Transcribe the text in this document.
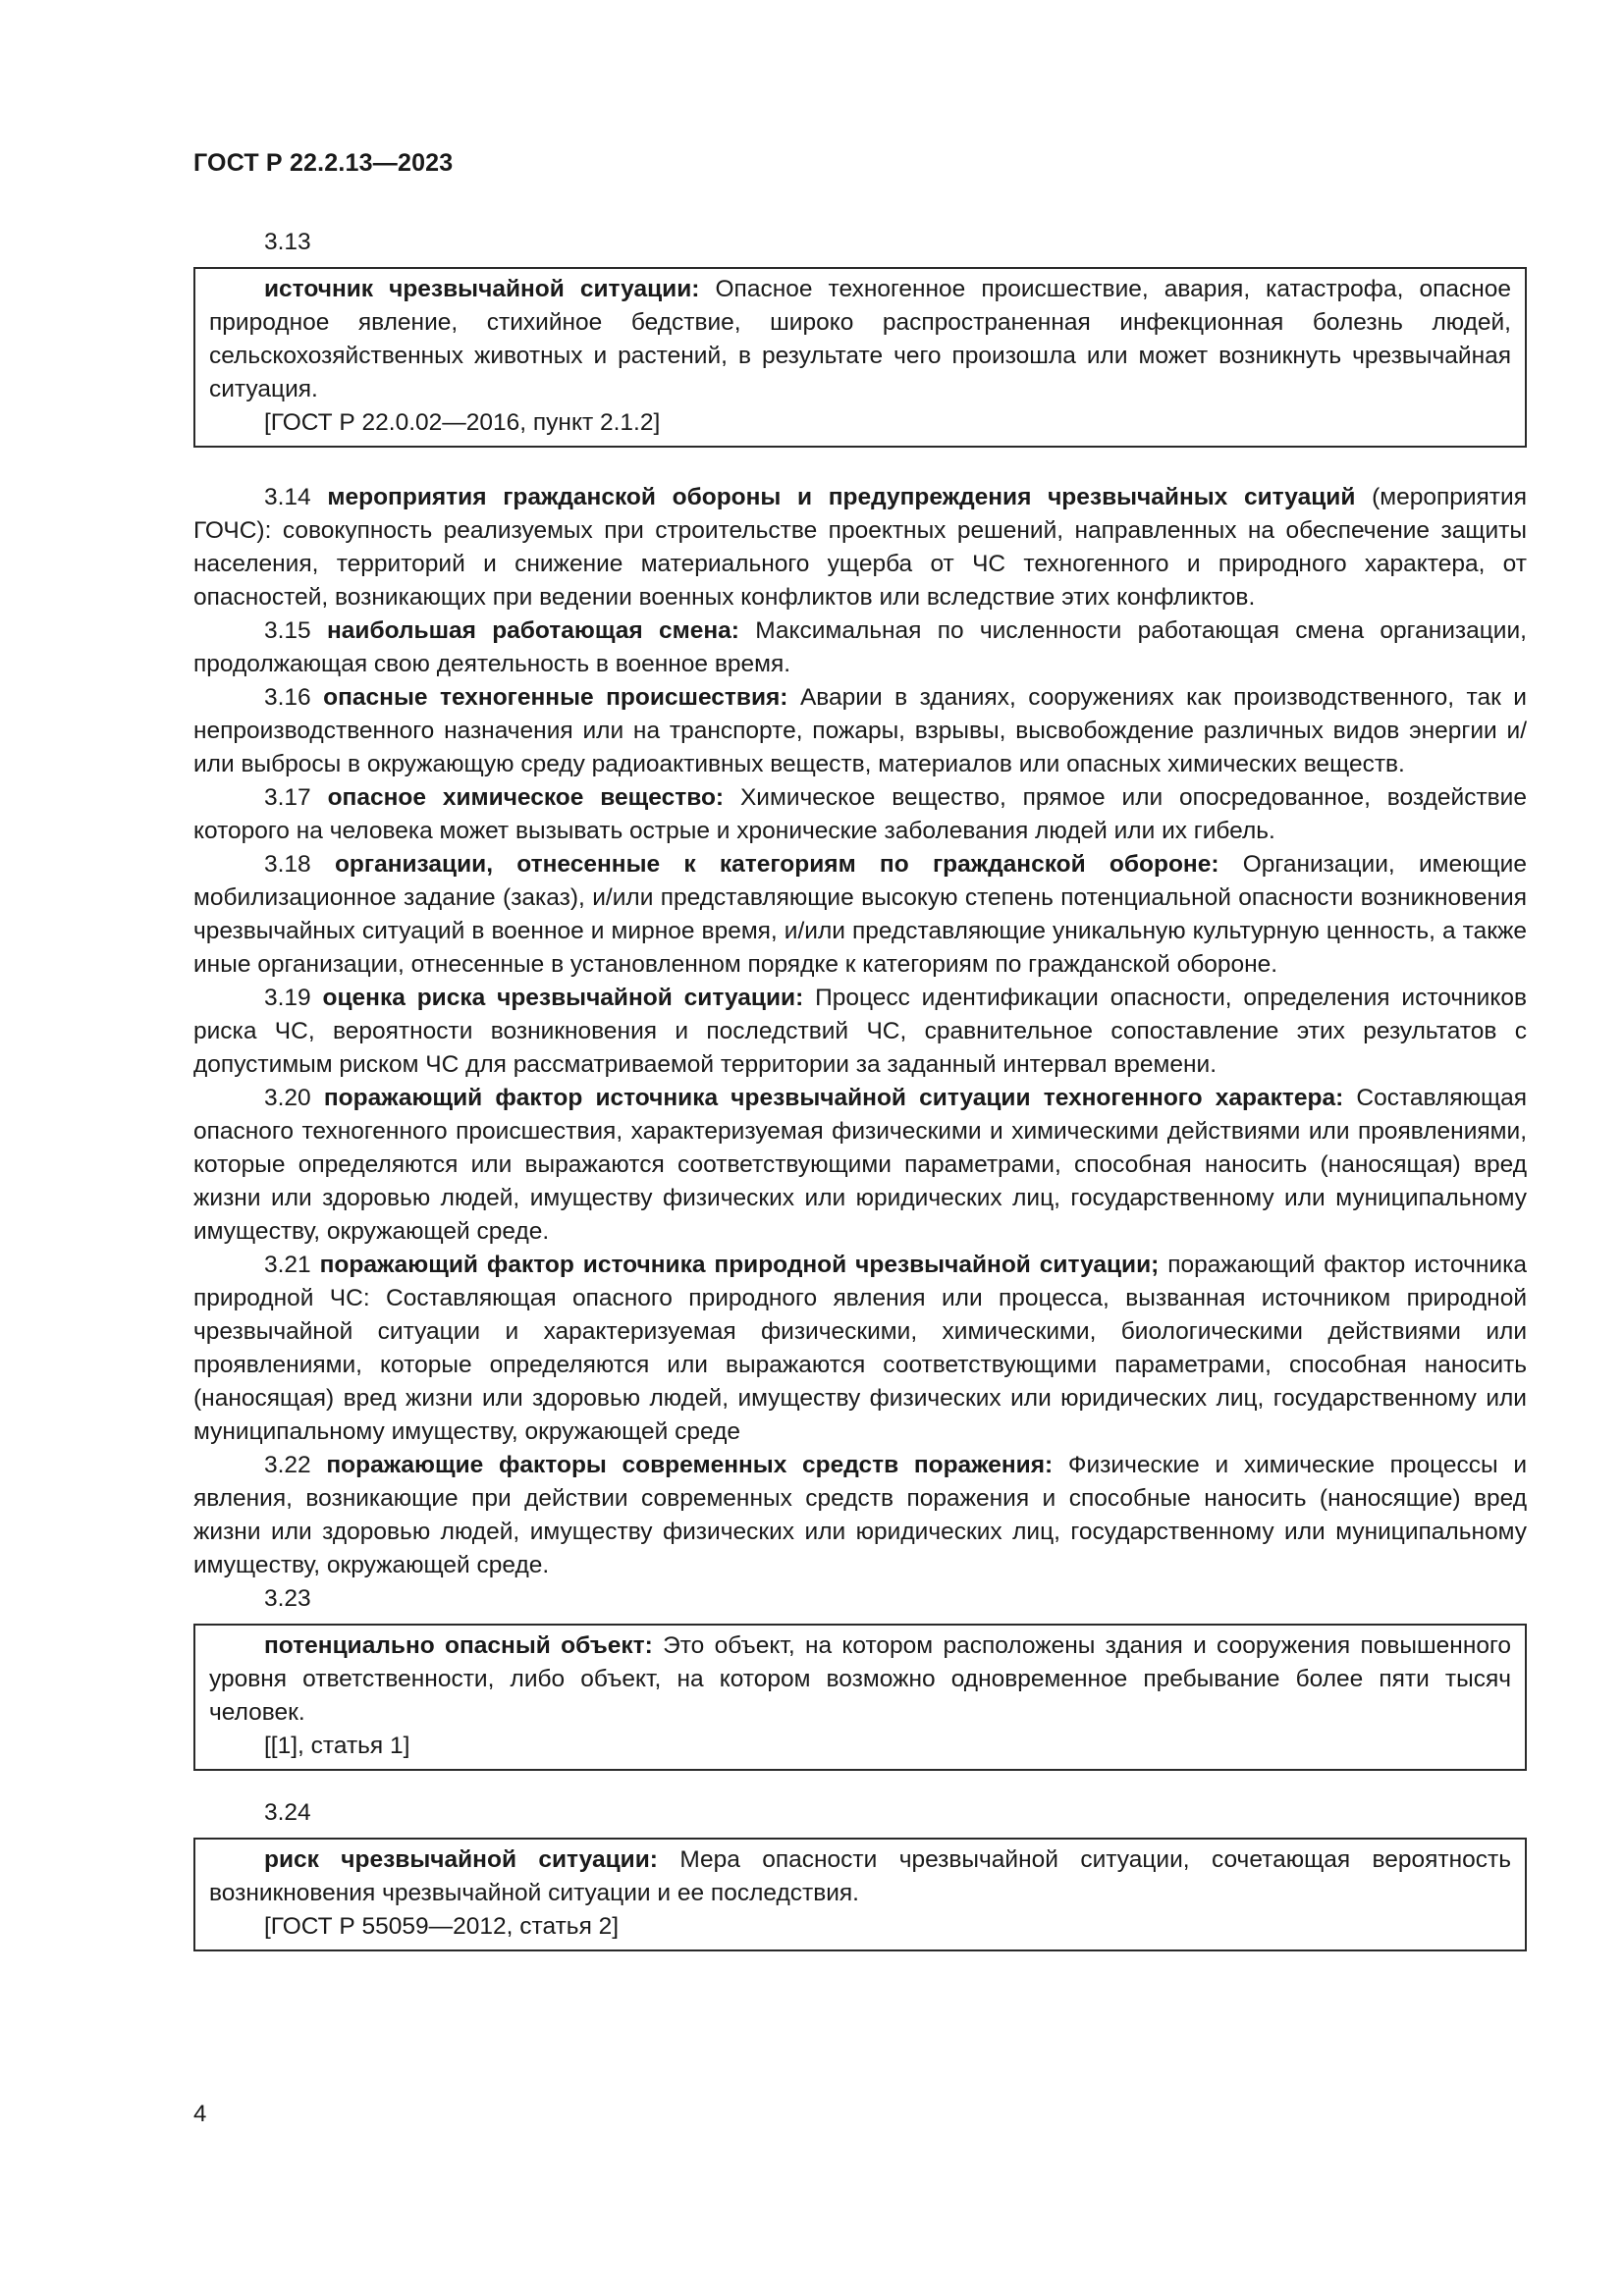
ГОСТ Р 22.2.13—2023

3.13

источник чрезвычайной ситуации: Опасное техногенное происшествие, авария, катастрофа, опасное природное явление, стихийное бедствие, широко распространенная инфекционная болезнь людей, сельскохозяйственных животных и растений, в результате чего произошла или может возникнуть чрезвычайная ситуация.

[ГОСТ Р 22.0.02—2016, пункт 2.1.2]

3.14 мероприятия гражданской обороны и предупреждения чрезвычайных ситуаций (мероприятия ГОЧС): совокупность реализуемых при строительстве проектных решений, направленных на обеспечение защиты населения, территорий и снижение материального ущерба от ЧС техногенного и природного характера, от опасностей, возникающих при ведении военных конфликтов или вследствие этих конфликтов.

3.15 наибольшая работающая смена: Максимальная по численности работающая смена организации, продолжающая свою деятельность в военное время.

3.16 опасные техногенные происшествия: Аварии в зданиях, сооружениях как производственного, так и непроизводственного назначения или на транспорте, пожары, взрывы, высвобождение различных видов энергии и/или выбросы в окружающую среду радиоактивных веществ, материалов или опасных химических веществ.

3.17 опасное химическое вещество: Химическое вещество, прямое или опосредованное, воздействие которого на человека может вызывать острые и хронические заболевания людей или их гибель.

3.18 организации, отнесенные к категориям по гражданской обороне: Организации, имеющие мобилизационное задание (заказ), и/или представляющие высокую степень потенциальной опасности возникновения чрезвычайных ситуаций в военное и мирное время, и/или представляющие уникальную культурную ценность, а также иные организации, отнесенные в установленном порядке к категориям по гражданской обороне.

3.19 оценка риска чрезвычайной ситуации: Процесс идентификации опасности, определения источников риска ЧС, вероятности возникновения и последствий ЧС, сравнительное сопоставление этих результатов с допустимым риском ЧС для рассматриваемой территории за заданный интервал времени.

3.20 поражающий фактор источника чрезвычайной ситуации техногенного характера: Составляющая опасного техногенного происшествия, характеризуемая физическими и химическими действиями или проявлениями, которые определяются или выражаются соответствующими параметрами, способная наносить (наносящая) вред жизни или здоровью людей, имуществу физических или юридических лиц, государственному или муниципальному имуществу, окружающей среде.

3.21 поражающий фактор источника природной чрезвычайной ситуации; поражающий фактор источника природной ЧС: Составляющая опасного природного явления или процесса, вызванная источником природной чрезвычайной ситуации и характеризуемая физическими, химическими, биологическими действиями или проявлениями, которые определяются или выражаются соответствующими параметрами, способная наносить (наносящая) вред жизни или здоровью людей, имуществу физических или юридических лиц, государственному или муниципальному имуществу, окружающей среде

3.22 поражающие факторы современных средств поражения: Физические и химические процессы и явления, возникающие при действии современных средств поражения и способные наносить (наносящие) вред жизни или здоровью людей, имуществу физических или юридических лиц, государственному или муниципальному имуществу, окружающей среде.

3.23

потенциально опасный объект: Это объект, на котором расположены здания и сооружения повышенного уровня ответственности, либо объект, на котором возможно одновременное пребывание более пяти тысяч человек.

[[1], статья 1]

3.24

риск чрезвычайной ситуации: Мера опасности чрезвычайной ситуации, сочетающая вероятность возникновения чрезвычайной ситуации и ее последствия.

[ГОСТ Р 55059—2012, статья 2]

4
